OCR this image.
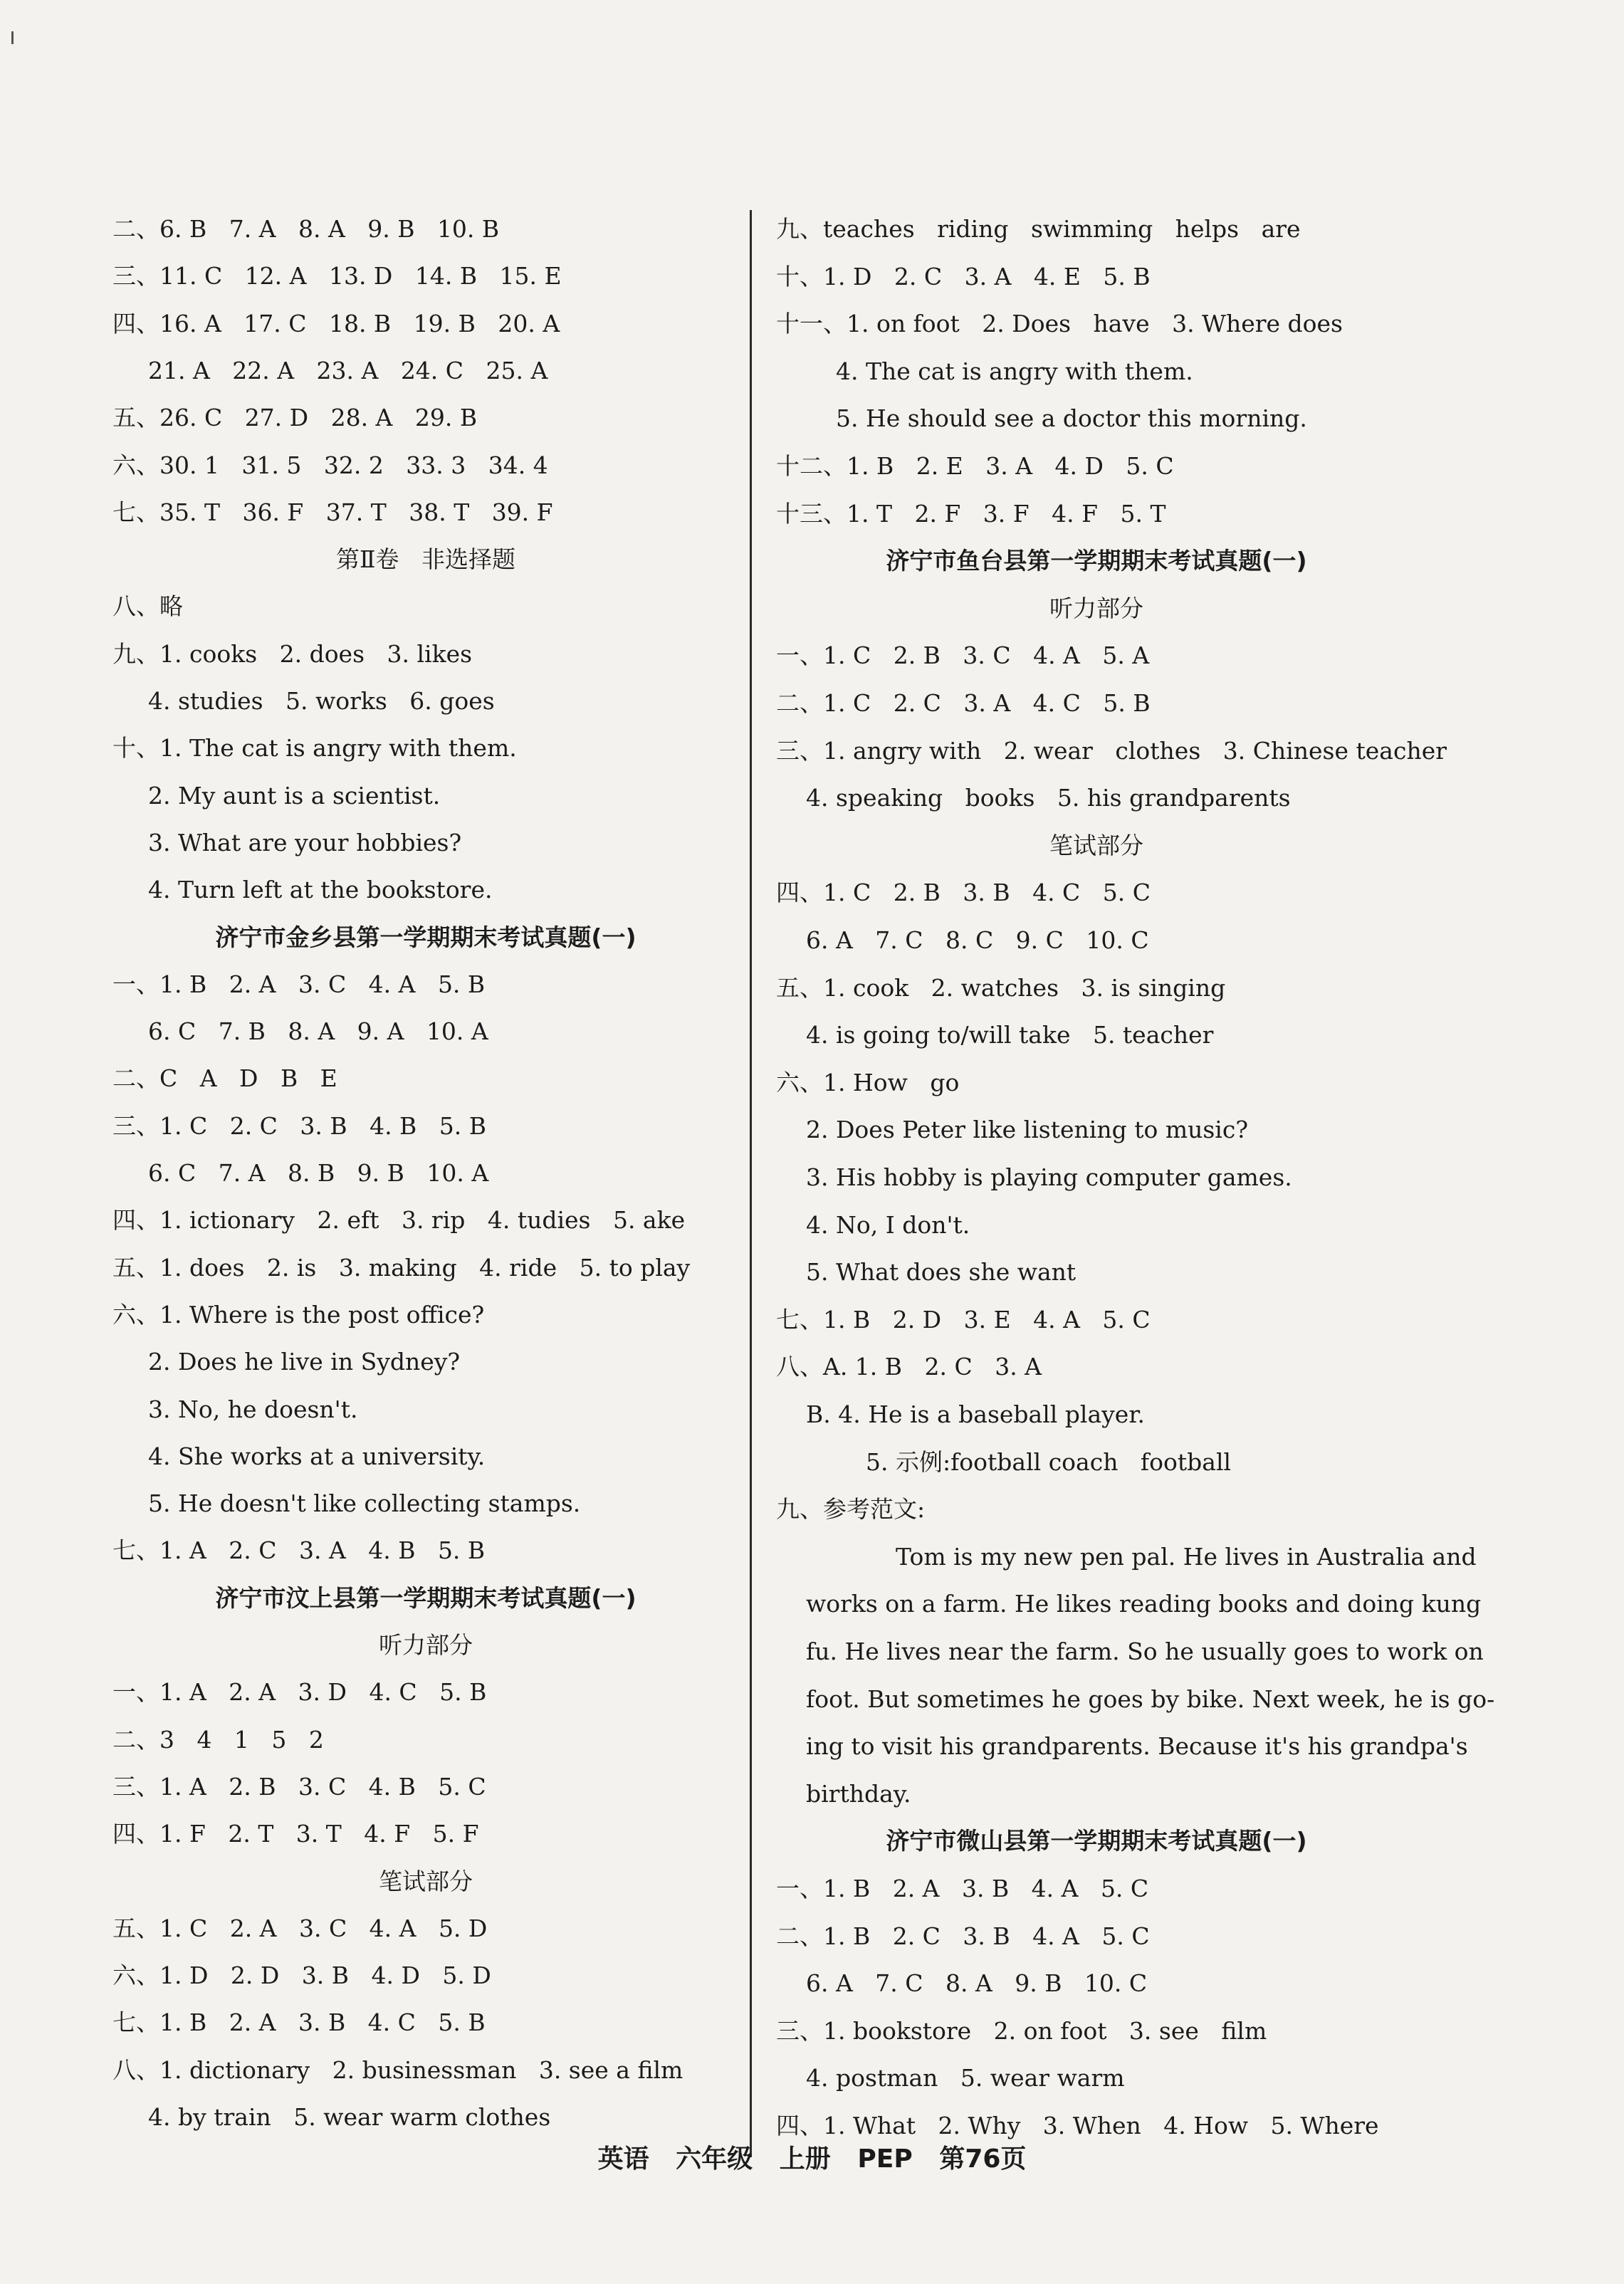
二、6. B   7. A   8. A   9. B   10. B
三、11. C   12. A   13. D   14. B   15. E
四、16. A   17. C   18. B   19. B   20. A
21. A   22. A   23. A   24. C   25. A
五、26. C   27. D   28. A   29. B
六、30. 1   31. 5   32. 2   33. 3   34. 4
七、35. T   36. F   37. T   38. T   39. F
第Ⅱ卷   非选择题
八、略
九、1. cooks   2. does   3. likes
4. studies   5. works   6. goes
十、1. The cat is angry with them.
2. My aunt is a scientist.
3. What are your hobbies?
4. Turn left at the bookstore.
济宁市金乡县第一学期期末考试真题(一)
一、1. B   2. A   3. C   4. A   5. B
6. C   7. B   8. A   9. A   10. A
二、C   A   D   B   E
三、1. C   2. C   3. B   4. B   5. B
6. C   7. A   8. B   9. B   10. A
四、1. ictionary   2. eft   3. rip   4. tudies   5. ake
五、1. does   2. is   3. making   4. ride   5. to play
六、1. Where is the post office?
2. Does he live in Sydney?
3. No, he doesn't.
4. She works at a university.
5. He doesn't like collecting stamps.
七、1. A   2. C   3. A   4. B   5. B
济宁市汶上县第一学期期末考试真题(一)
听力部分
一、1. A   2. A   3. D   4. C   5. B
二、3   4   1   5   2
三、1. A   2. B   3. C   4. B   5. C
四、1. F   2. T   3. T   4. F   5. F
笔试部分
五、1. C   2. A   3. C   4. A   5. D
六、1. D   2. D   3. B   4. D   5. D
七、1. B   2. A   3. B   4. C   5. B
八、1. dictionary   2. businessman   3. see a film
4. by train   5. wear warm clothes
九、teaches   riding   swimming   helps   are
十、1. D   2. C   3. A   4. E   5. B
十一、1. on foot   2. Does   have   3. Where does
4. The cat is angry with them.
5. He should see a doctor this morning.
十二、1. B   2. E   3. A   4. D   5. C
十三、1. T   2. F   3. F   4. F   5. T
济宁市鱼台县第一学期期末考试真题(一)
听力部分
一、1. C   2. B   3. C   4. A   5. A
二、1. C   2. C   3. A   4. C   5. B
三、1. angry with   2. wear   clothes   3. Chinese teacher
4. speaking   books   5. his grandparents
笔试部分
四、1. C   2. B   3. B   4. C   5. C
6. A   7. C   8. C   9. C   10. C
五、1. cook   2. watches   3. is singing
4. is going to/will take   5. teacher
六、1. How   go
2. Does Peter like listening to music?
3. His hobby is playing computer games.
4. No, I don't.
5. What does she want
七、1. B   2. D   3. E   4. A   5. C
八、A. 1. B   2. C   3. A
B. 4. He is a baseball player.
5. 示例:football coach   football
九、参考范文:
Tom is my new pen pal. He lives in Australia and
works on a farm. He likes reading books and doing kung
fu. He lives near the farm. So he usually goes to work on
foot. But sometimes he goes by bike. Next week, he is go-
ing to visit his grandparents. Because it's his grandpa's
birthday.
济宁市微山县第一学期期末考试真题(一)
一、1. B   2. A   3. B   4. A   5. C
二、1. B   2. C   3. B   4. A   5. C
6. A   7. C   8. A   9. B   10. C
三、1. bookstore   2. on foot   3. see   film
4. postman   5. wear warm
四、1. What   2. Why   3. When   4. How   5. Where
英语   六年级   上册   PEP   第76页
